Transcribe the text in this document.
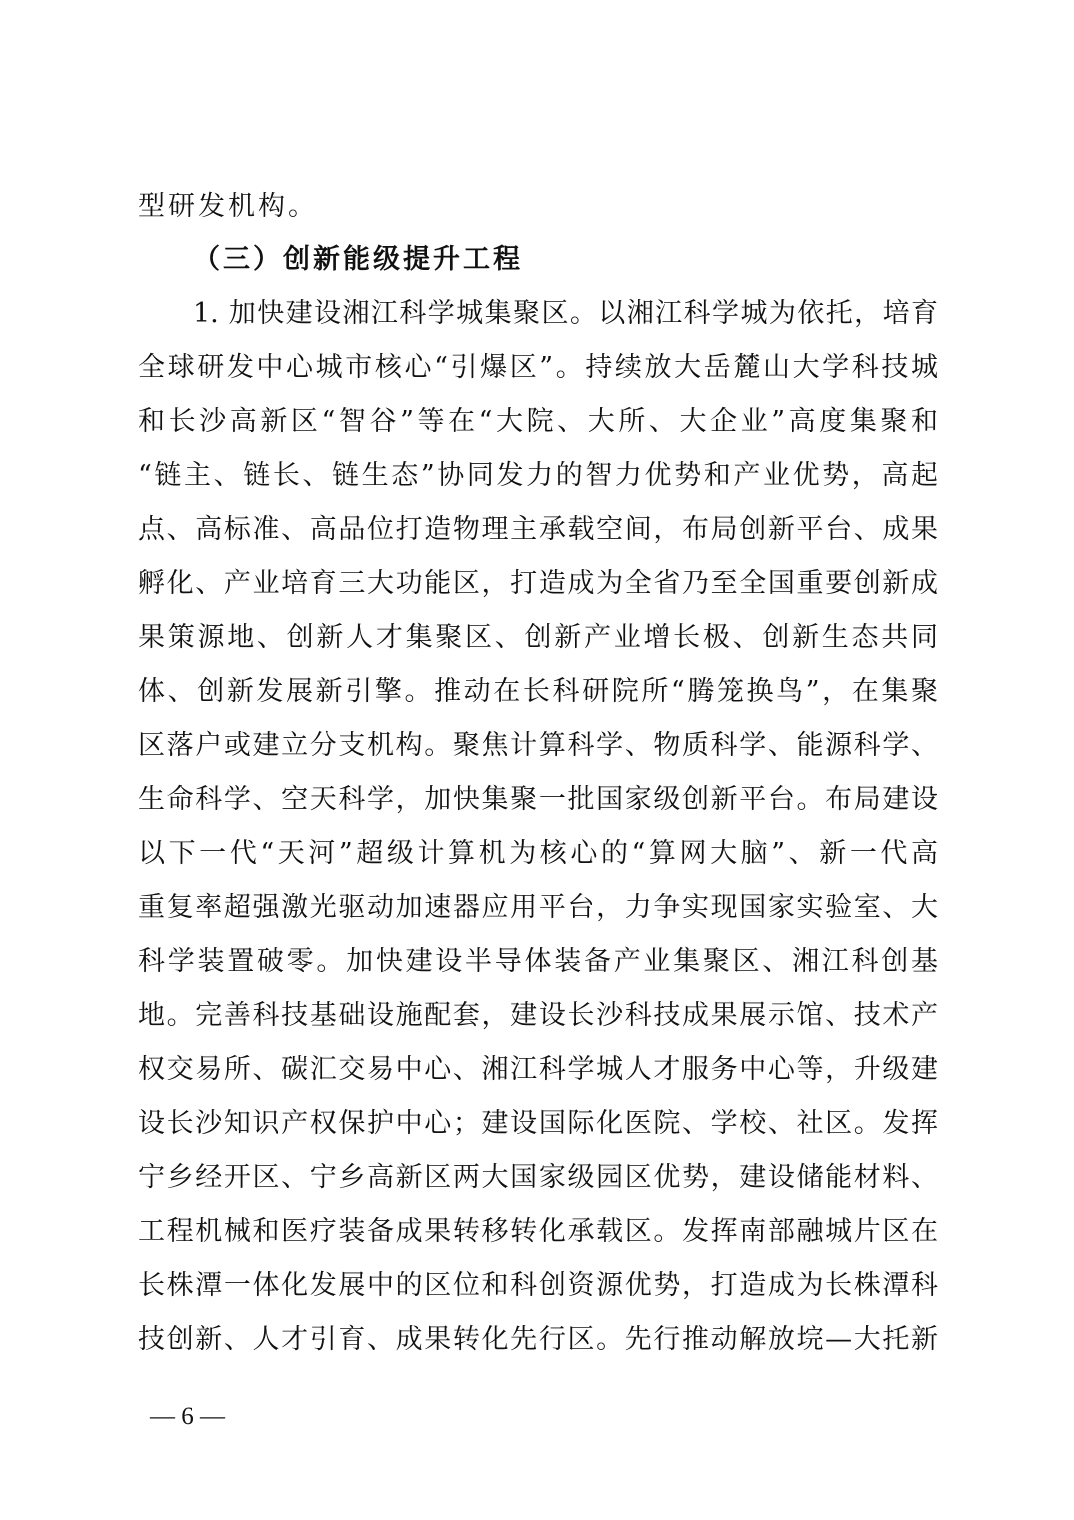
型研发机构。
（三）创新能级提升工程
1. 加快建设湘江科学城集聚区。以湘江科学城为依托，培育
全球研发中心城市核心“引爆区”。持续放大岳麓山大学科技城
和长沙高新区“智谷”等在“大院、大所、大企业”高度集聚和
“链主、链长、链生态”协同发力的智力优势和产业优势，高起
点、高标准、高品位打造物理主承载空间，布局创新平台、成果
孵化、产业培育三大功能区，打造成为全省乃至全国重要创新成
果策源地、创新人才集聚区、创新产业增长极、创新生态共同
体、创新发展新引擎。推动在长科研院所“腾笼换鸟”，在集聚
区落户或建立分支机构。聚焦计算科学、物质科学、能源科学、
生命科学、空天科学，加快集聚一批国家级创新平台。布局建设
以下一代“天河”超级计算机为核心的“算网大脑”、新一代高
重复率超强激光驱动加速器应用平台，力争实现国家实验室、大
科学装置破零。加快建设半导体装备产业集聚区、湘江科创基
地。完善科技基础设施配套，建设长沙科技成果展示馆、技术产
权交易所、碳汇交易中心、湘江科学城人才服务中心等，升级建
设长沙知识产权保护中心；建设国际化医院、学校、社区。发挥
宁乡经开区、宁乡高新区两大国家级园区优势，建设储能材料、
工程机械和医疗装备成果转移转化承载区。发挥南部融城片区在
长株潭一体化发展中的区位和科创资源优势，打造成为长株潭科
技创新、人才引育、成果转化先行区。先行推动解放垸—大托新
— 6 —
